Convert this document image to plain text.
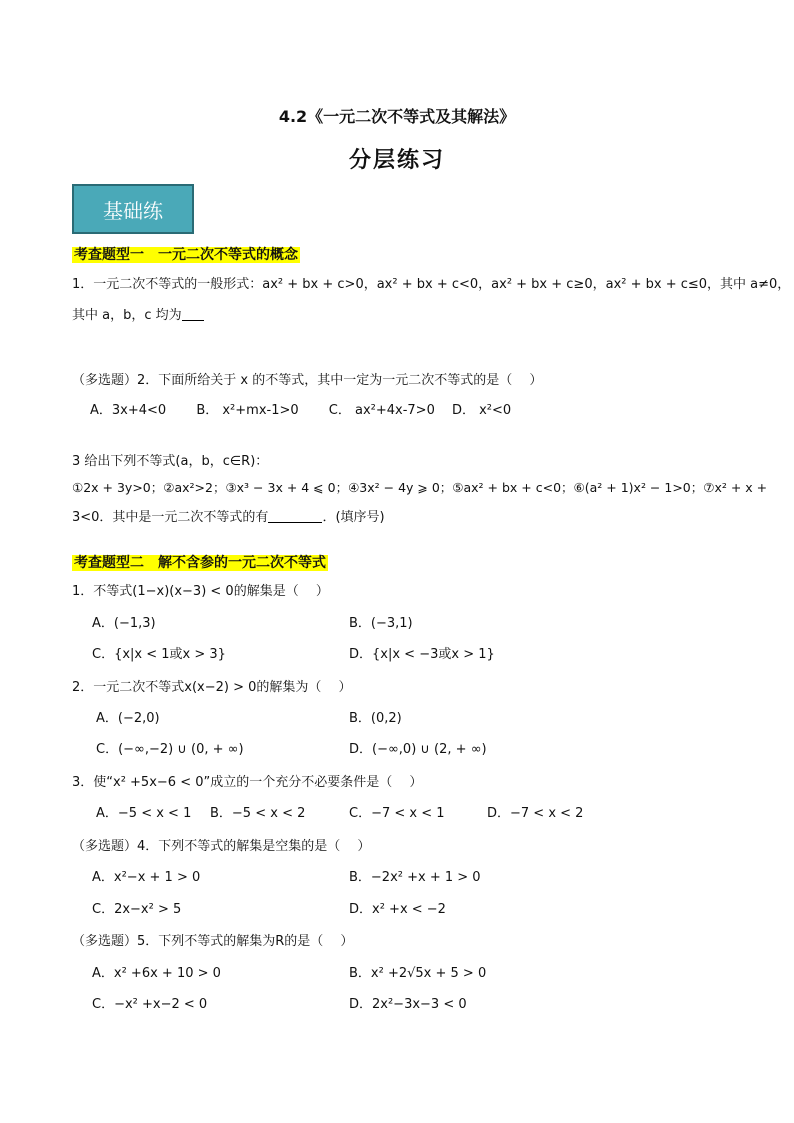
4.2《一元二次不等式及其解法》
分层练习
基础练
考查题型一　一元二次不等式的概念
1．一元二次不等式的一般形式：ax² + bx + c>0，ax² + bx + c<0，ax² + bx + c≥0，ax² + bx + c≤0，其中 a≠0，
其中 a，b，c 均为
（多选题）2．下面所给关于 x 的不等式，其中一定为一元二次不等式的是（　 ）
A．3x+4<0　　 B． x²+mx-1>0　　 C． ax²+4x-7>0　 D． x²<0
3 给出下列不等式(a，b，c∈R)：
①2x + 3y>0；②ax²>2；③x³ − 3x + 4 ⩽ 0；④3x² − 4y ⩾ 0；⑤ax² + bx + c<0；⑥(a² + 1)x² − 1>0；⑦x² + x +
3<0．其中是一元二次不等式的有	．(填序号)
考查题型二　解不含参的一元二次不等式
1．不等式(1−x)(x−3) < 0的解集是（　 ）
A．(−1,3)	B．(−3,1)
C．{x|x < 1或x > 3}	D．{x|x < −3或x > 1}
2．一元二次不等式x(x−2) > 0的解集为（　 ）
A．(−2,0)	B．(0,2)
C．(−∞,−2) ∪ (0, + ∞)	D．(−∞,0) ∪ (2, + ∞)
3．使“x² +5x−6 < 0”成立的一个充分不必要条件是（　 ）
A．−5 < x < 1 B．−5 < x < 2	C．−7 < x < 1	D．−7 < x < 2
（多选题）4．下列不等式的解集是空集的是（　 ）
A．x²−x + 1 > 0	B．−2x² +x + 1 > 0
C．2x−x² > 5	D．x² +x < −2
（多选题）5．下列不等式的解集为R的是（　 ）
A．x² +6x + 10 > 0	B．x² +2√5x + 5 > 0
C．−x² +x−2 < 0	D．2x²−3x−3 < 0
